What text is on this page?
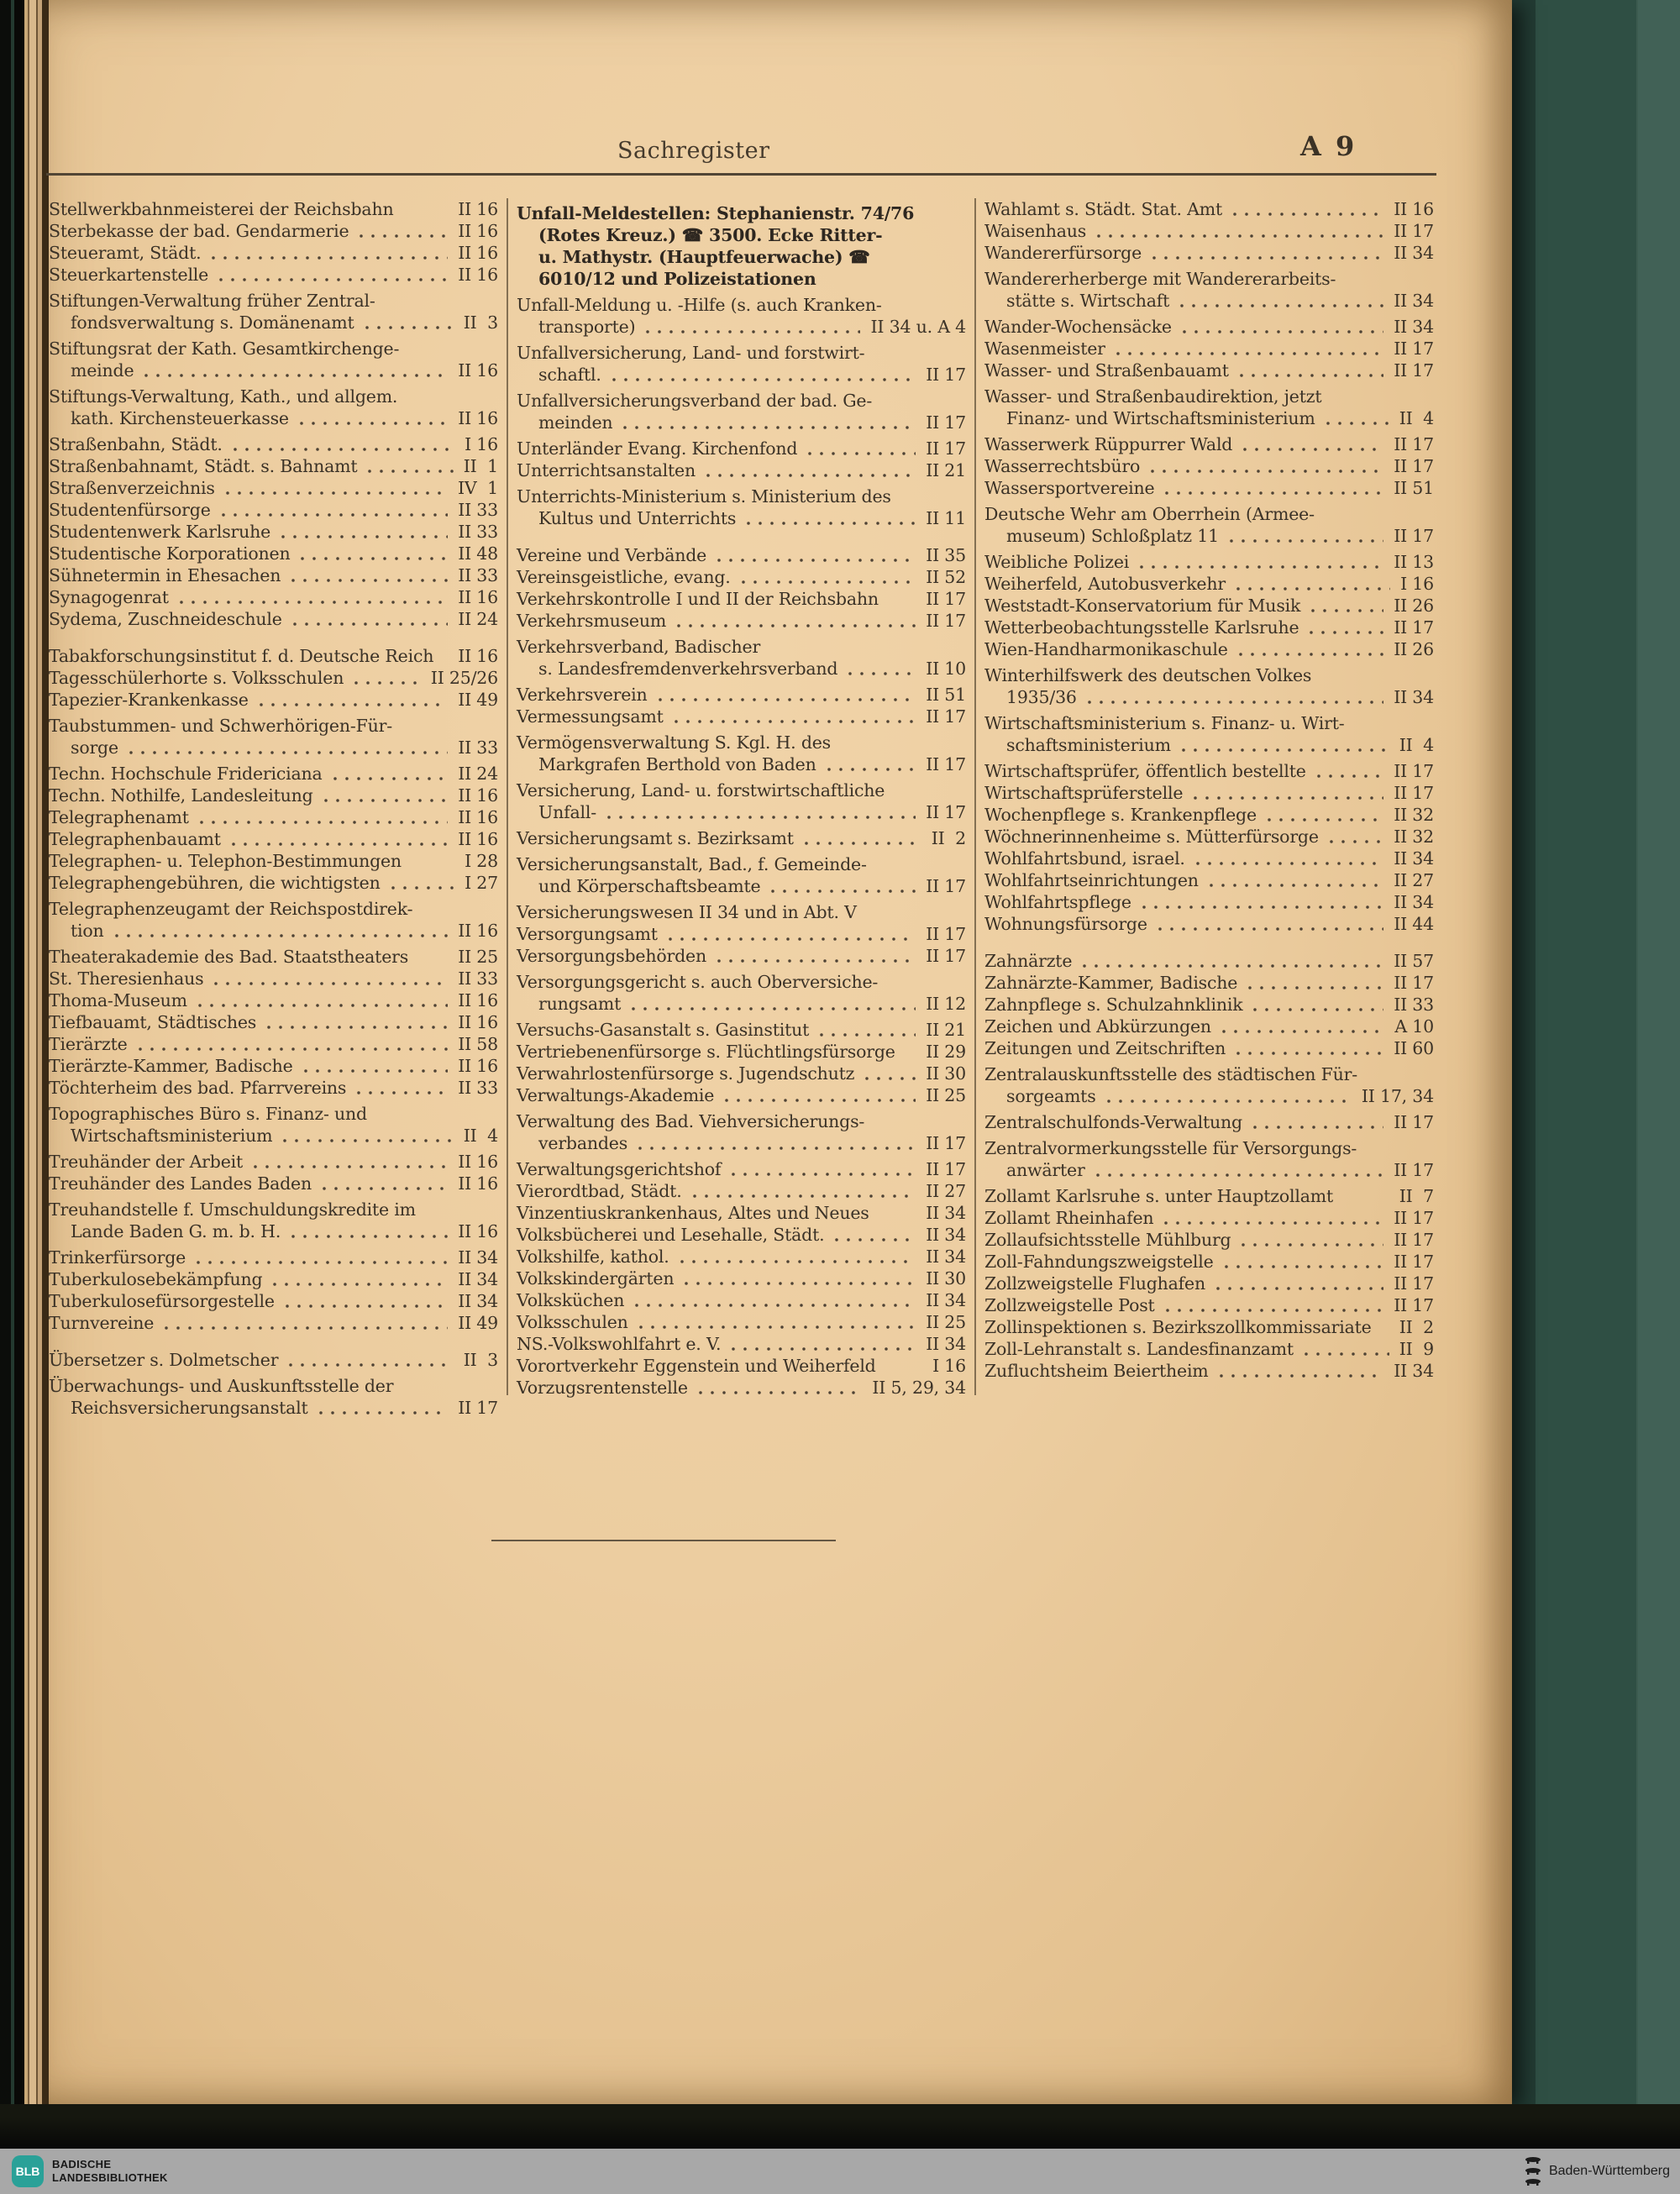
Sachregister	A 9
Stellwerkbahnmeisterei der Reichsbahn	II 16
Sterbekasse der bad. Gendarmerie	II 16
Steueramt, Städt.	II 16
Steuerkartenstelle	II 16
Stiftungen-Verwaltung früher Zentral-
fondsverwaltung s. Domänenamt	II  3
Stiftungsrat der Kath. Gesamtkirchenge-
meinde	II 16
Stiftungs-Verwaltung, Kath., und allgem.
kath. Kirchensteuerkasse	II 16
Straßenbahn, Städt.	I 16
Straßenbahnamt, Städt. s. Bahnamt	II  1
Straßenverzeichnis	IV  1
Studentenfürsorge	II 33
Studentenwerk Karlsruhe	II 33
Studentische Korporationen	II 48
Sühnetermin in Ehesachen	II 33
Synagogenrat	II 16
Sydema, Zuschneideschule	II 24
Tabakforschungsinstitut f. d. Deutsche Reich II 16
Tagesschülerhorte s. Volksschulen	II 25/26
Tapezier-Krankenkasse	II 49
Taubstummen- und Schwerhörigen-Für-
sorge	II 33
Techn. Hochschule Fridericiana	II 24
Techn. Nothilfe, Landesleitung	II 16
Telegraphenamt	II 16
Telegraphenbauamt	II 16
Telegraphen- u. Telephon-Bestimmungen	I 28
Telegraphengebühren, die wichtigsten	I 27
Telegraphenzeugamt der Reichspostdirek-
tion	II 16
Theaterakademie des Bad. Staatstheaters	II 25
St. Theresienhaus	II 33
Thoma-Museum	II 16
Tiefbauamt, Städtisches	II 16
Tierärzte	II 58
Tierärzte-Kammer, Badische	II 16
Töchterheim des bad. Pfarrvereins	II 33
Topographisches Büro s. Finanz- und
Wirtschaftsministerium	II  4
Treuhänder der Arbeit	II 16
Treuhänder des Landes Baden	II 16
Treuhandstelle f. Umschuldungskredite im
Lande Baden G. m. b. H.	II 16
Trinkerfürsorge	II 34
Tuberkulosebekämpfung	II 34
Tuberkulosefürsorgestelle	II 34
Turnvereine	II 49
Übersetzer s. Dolmetscher	II  3
Überwachungs- und Auskunftsstelle der
Reichsversicherungsanstalt	II 17
Unfall-Meldestellen: Stephanienstr. 74/76
(Rotes Kreuz.) ☎ 3500. Ecke Ritter-
u. Mathystr. (Hauptfeuerwache) ☎
6010/12 und Polizeistationen
Unfall-Meldung u. -Hilfe (s. auch Kranken-
transporte)	II 34 u. A 4
Unfallversicherung, Land- und forstwirt-
schaftl.	II 17
Unfallversicherungsverband der bad. Ge-
meinden	II 17
Unterländer Evang. Kirchenfond	II 17
Unterrichtsanstalten	II 21
Unterrichts-Ministerium s. Ministerium des
Kultus und Unterrichts	II 11
Vereine und Verbände	II 35
Vereinsgeistliche, evang.	II 52
Verkehrskontrolle I und II der Reichsbahn	II 17
Verkehrsmuseum	II 17
Verkehrsverband, Badischer
s. Landesfremdenverkehrsverband	II 10
Verkehrsverein	II 51
Vermessungsamt	II 17
Vermögensverwaltung S. Kgl. H. des
Markgrafen Berthold von Baden	II 17
Versicherung, Land- u. forstwirtschaftliche
Unfall-	II 17
Versicherungsamt s. Bezirksamt	II  2
Versicherungsanstalt, Bad., f. Gemeinde-
und Körperschaftsbeamte	II 17
Versicherungswesen II 34 und in Abt. V
Versorgungsamt	II 17
Versorgungsbehörden	II 17
Versorgungsgericht s. auch Oberversiche-
rungsamt	II 12
Versuchs-Gasanstalt s. Gasinstitut	II 21
Vertriebenenfürsorge s. Flüchtlingsfürsorge II 29
Verwahrlostenfürsorge s. Jugendschutz	II 30
Verwaltungs-Akademie	II 25
Verwaltung des Bad. Viehversicherungs-
verbandes	II 17
Verwaltungsgerichtshof	II 17
Vierordtbad, Städt.	II 27
Vinzentiuskrankenhaus, Altes und Neues	II 34
Volksbücherei und Lesehalle, Städt.	II 34
Volkshilfe, kathol.	II 34
Volkskindergärten	II 30
Volksküchen	II 34
Volksschulen	II 25
NS.-Volkswohlfahrt e. V.	II 34
Vorortverkehr Eggenstein und Weiherfeld	I 16
Vorzugsrentenstelle	II 5, 29, 34
Wahlamt s. Städt. Stat. Amt	II 16
Waisenhaus	II 17
Wandererfürsorge	II 34
Wandererherberge mit Wandererarbeits-
stätte s. Wirtschaft	II 34
Wander-Wochensäcke	II 34
Wasenmeister	II 17
Wasser- und Straßenbauamt	II 17
Wasser- und Straßenbaudirektion, jetzt
Finanz- und Wirtschaftsministerium	II  4
Wasserwerk Rüppurrer Wald	II 17
Wasserrechtsbüro	II 17
Wassersportvereine	II 51
Deutsche Wehr am Oberrhein (Armee-
museum) Schloßplatz 11	II 17
Weibliche Polizei	II 13
Weiherfeld, Autobusverkehr	I 16
Weststadt-Konservatorium für Musik	II 26
Wetterbeobachtungsstelle Karlsruhe	II 17
Wien-Handharmonikaschule	II 26
Winterhilfswerk des deutschen Volkes
1935/36	II 34
Wirtschaftsministerium s. Finanz- u. Wirt-
schaftsministerium	II  4
Wirtschaftsprüfer, öffentlich bestellte	II 17
Wirtschaftsprüferstelle	II 17
Wochenpflege s. Krankenpflege	II 32
Wöchnerinnenheime s. Mütterfürsorge	II 32
Wohlfahrtsbund, israel.	II 34
Wohlfahrtseinrichtungen	II 27
Wohlfahrtspflege	II 34
Wohnungsfürsorge	II 44
Zahnärzte	II 57
Zahnärzte-Kammer, Badische	II 17
Zahnpflege s. Schulzahnklinik	II 33
Zeichen und Abkürzungen	A 10
Zeitungen und Zeitschriften	II 60
Zentralauskunftsstelle des städtischen Für-
sorgeamts	II 17, 34
Zentralschulfonds-Verwaltung	II 17
Zentralvormerkungsstelle für Versorgungs-
anwärter	II 17
Zollamt Karlsruhe s. unter Hauptzollamt	II  7
Zollamt Rheinhafen	II 17
Zollaufsichtsstelle Mühlburg	II 17
Zoll-Fahndungszweigstelle	II 17
Zollzweigstelle Flughafen	II 17
Zollzweigstelle Post	II 17
Zollinspektionen s. Bezirkszollkommissariate II  2
Zoll-Lehranstalt s. Landesfinanzamt	II  9
Zufluchtsheim Beiertheim	II 34
BLB
BADISCHE
LANDESBIBLIOTHEK	Baden-Württemberg
